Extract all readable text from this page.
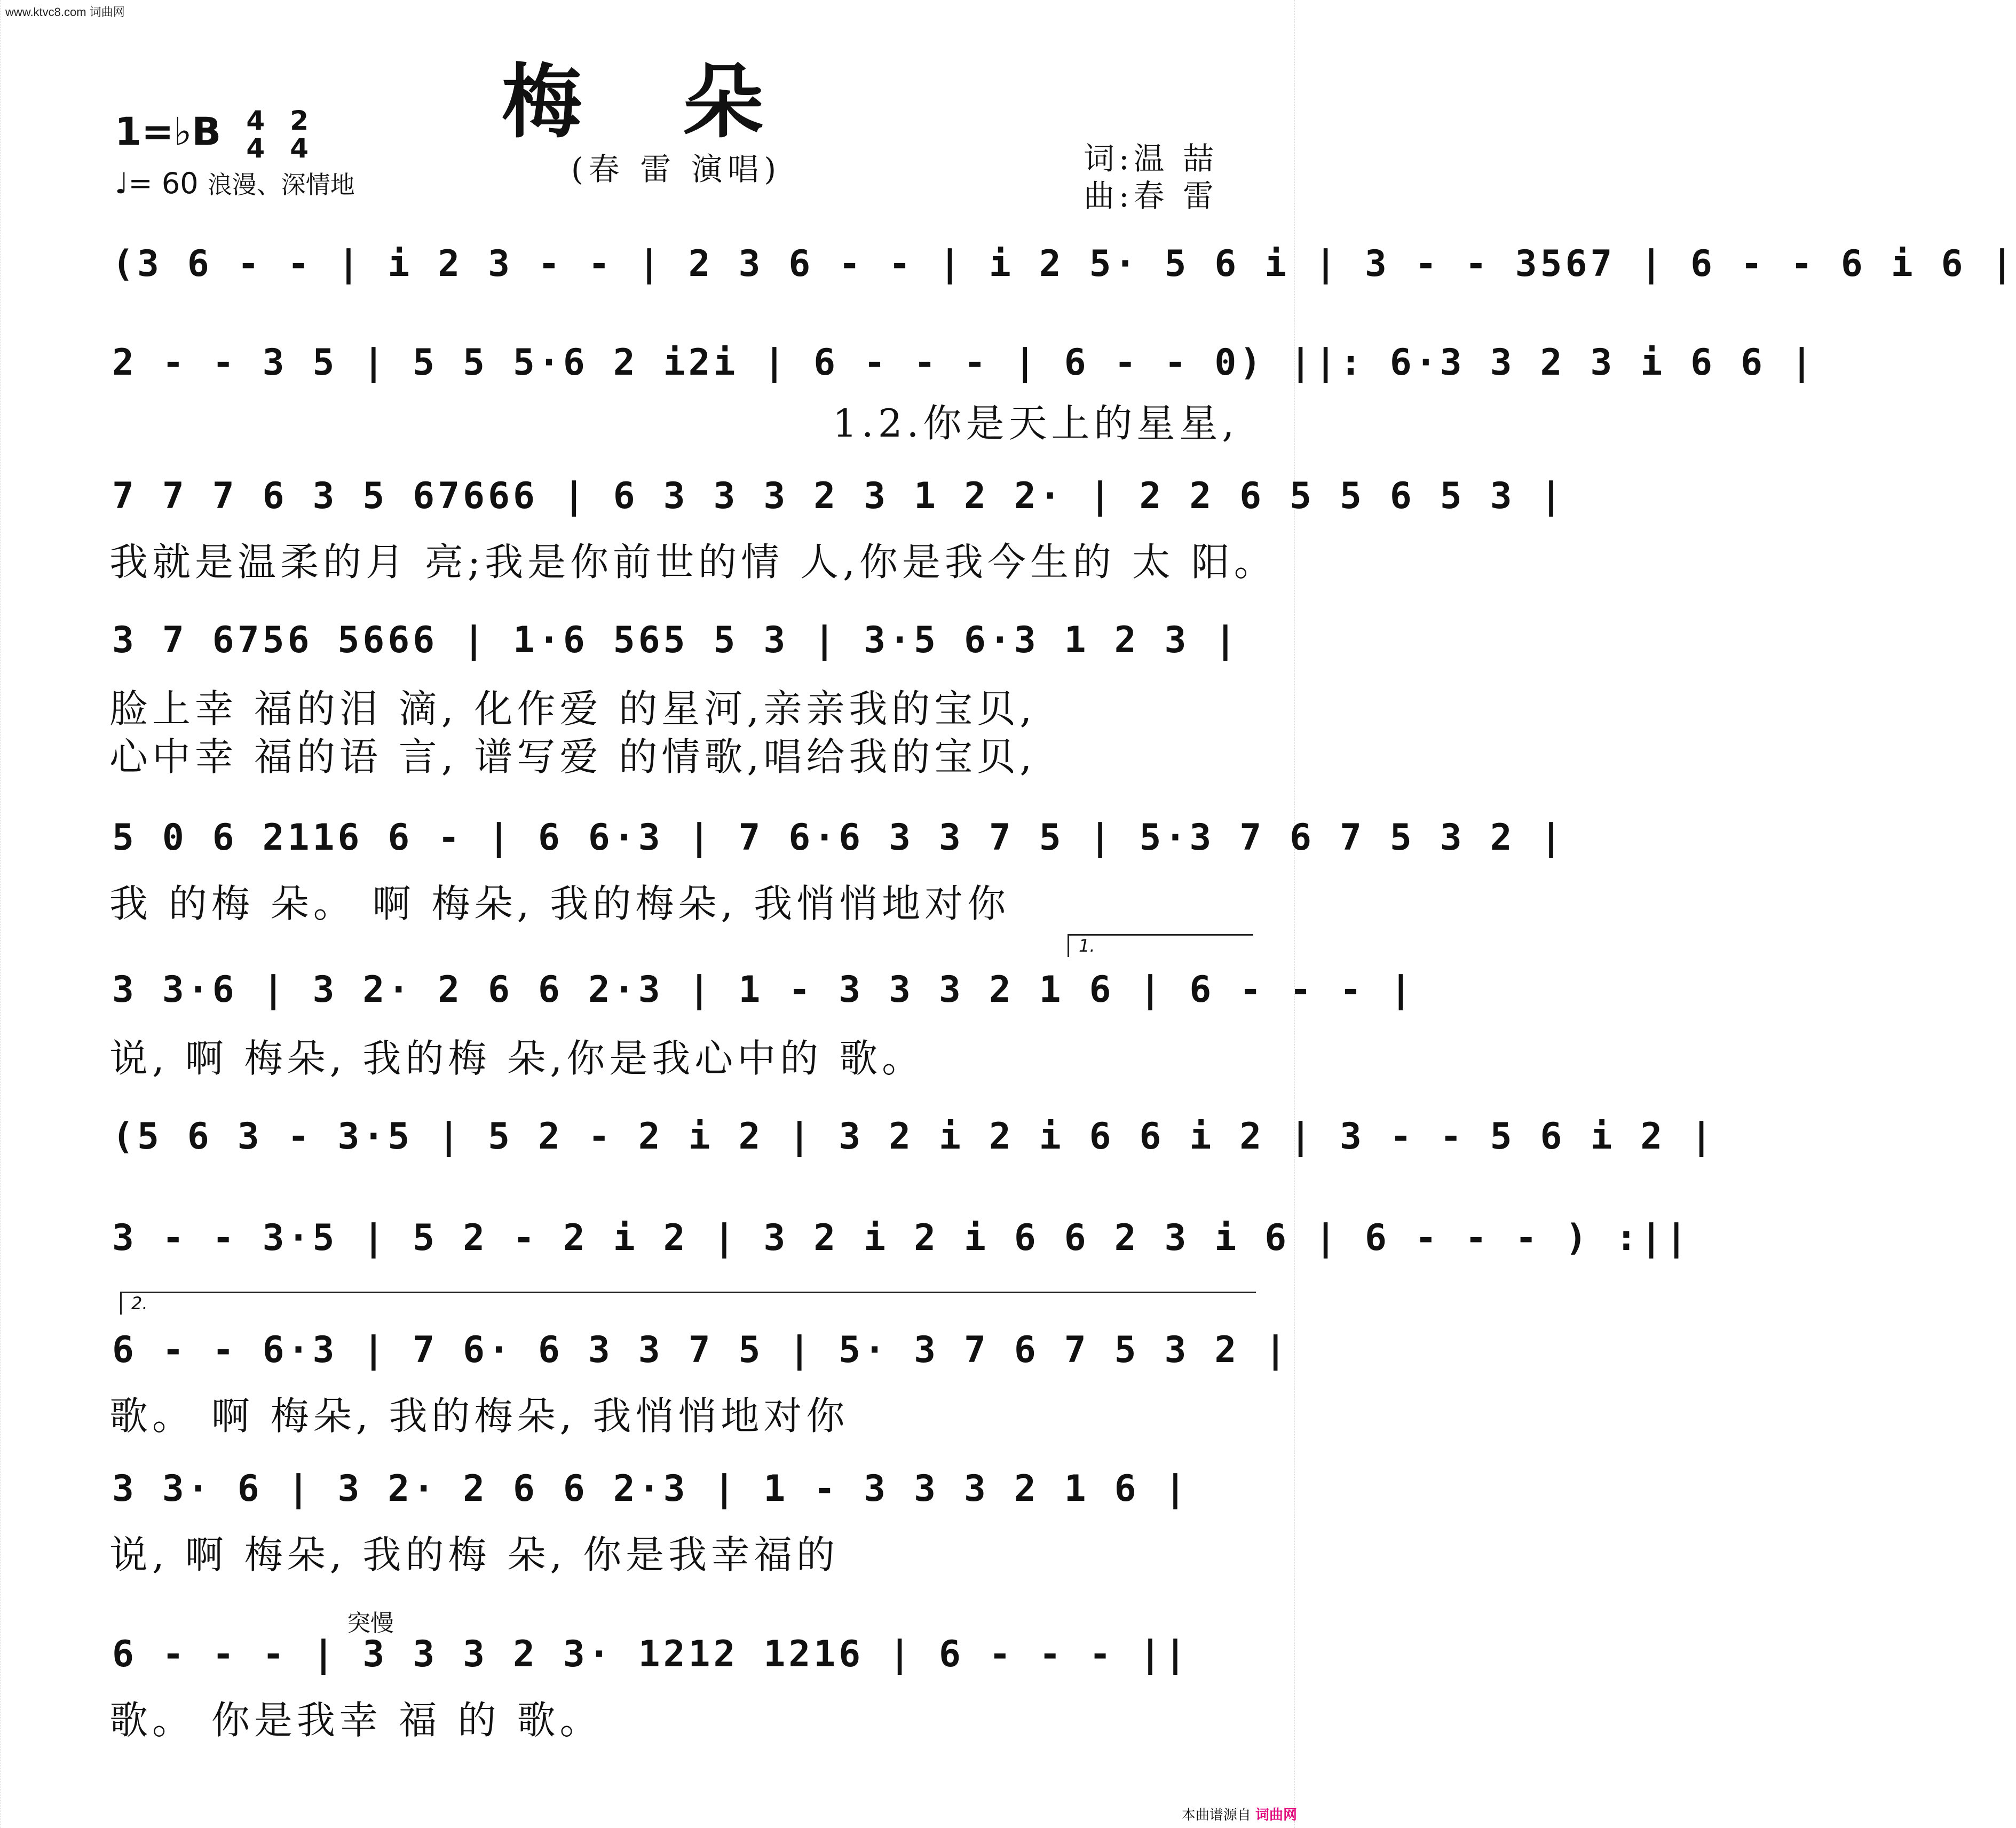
www.ktvc8.com 词曲网
梅朵
1=♭B 4
4

2
4
♩= 60 浪漫、深情地	(春 雷 演唱)	词:温 喆
曲:春 雷
(3 6 - - | i 2 3 - - | 2 3 6 - - | i 2 5· 5 6 i | 3 - - 3567 | 6 - - 6 i 6 |
2 - - 3 5 | 5 5 5·6 2 i2i | 6 - - - | 6 - - 0) ||: 6·3 3 2 3 i 6 6 |
1.2.你是天上的星星,
7 7 7 6 3 5 67666 | 6 3 3 3 2 3 1 2 2· | 2 2 6 5 5 6 5 3 |
我就是温柔的月 亮;我是你前世的情 人,你是我今生的 太 阳。
3 7 6756 5666 | 1·6 565 5 3 | 3·5 6·3 1 2 3 |
脸上幸 福的泪 滴, 化作爱 的星河,亲亲我的宝贝,
心中幸 福的语 言, 谱写爱 的情歌,唱给我的宝贝,
5 0 6 2116 6 - | 6 6·3 | 7 6·6 3 3 7 5 | 5·3 7 6 7 5 3 2 |
我 的梅 朵。 啊 梅朵, 我的梅朵, 我悄悄地对你
1.
3 3·6 | 3 2· 2 6 6 2·3 | 1 - 3 3 3 2 1 6 | 6 - - - |
说, 啊 梅朵, 我的梅 朵,你是我心中的 歌。
(5 6 3 - 3·5 | 5 2 - 2 i 2 | 3 2 i 2 i 6 6 i 2 | 3 - - 5 6 i 2 |
3 - - 3·5 | 5 2 - 2 i 2 | 3 2 i 2 i 6 6 2 3 i 6 | 6 - - - ) :||
2.
6 - - 6·3 | 7 6· 6 3 3 7 5 | 5· 3 7 6 7 5 3 2 |
歌。 啊 梅朵, 我的梅朵, 我悄悄地对你
3 3· 6 | 3 2· 2 6 6 2·3 | 1 - 3 3 3 2 1 6 |
说, 啊 梅朵, 我的梅 朵, 你是我幸福的
突慢
6 - - - | 3 3 3 2 3· 1212 1216 | 6 - - - ||
歌。 你是我幸 福 的 歌。
本曲谱源自 词曲网
